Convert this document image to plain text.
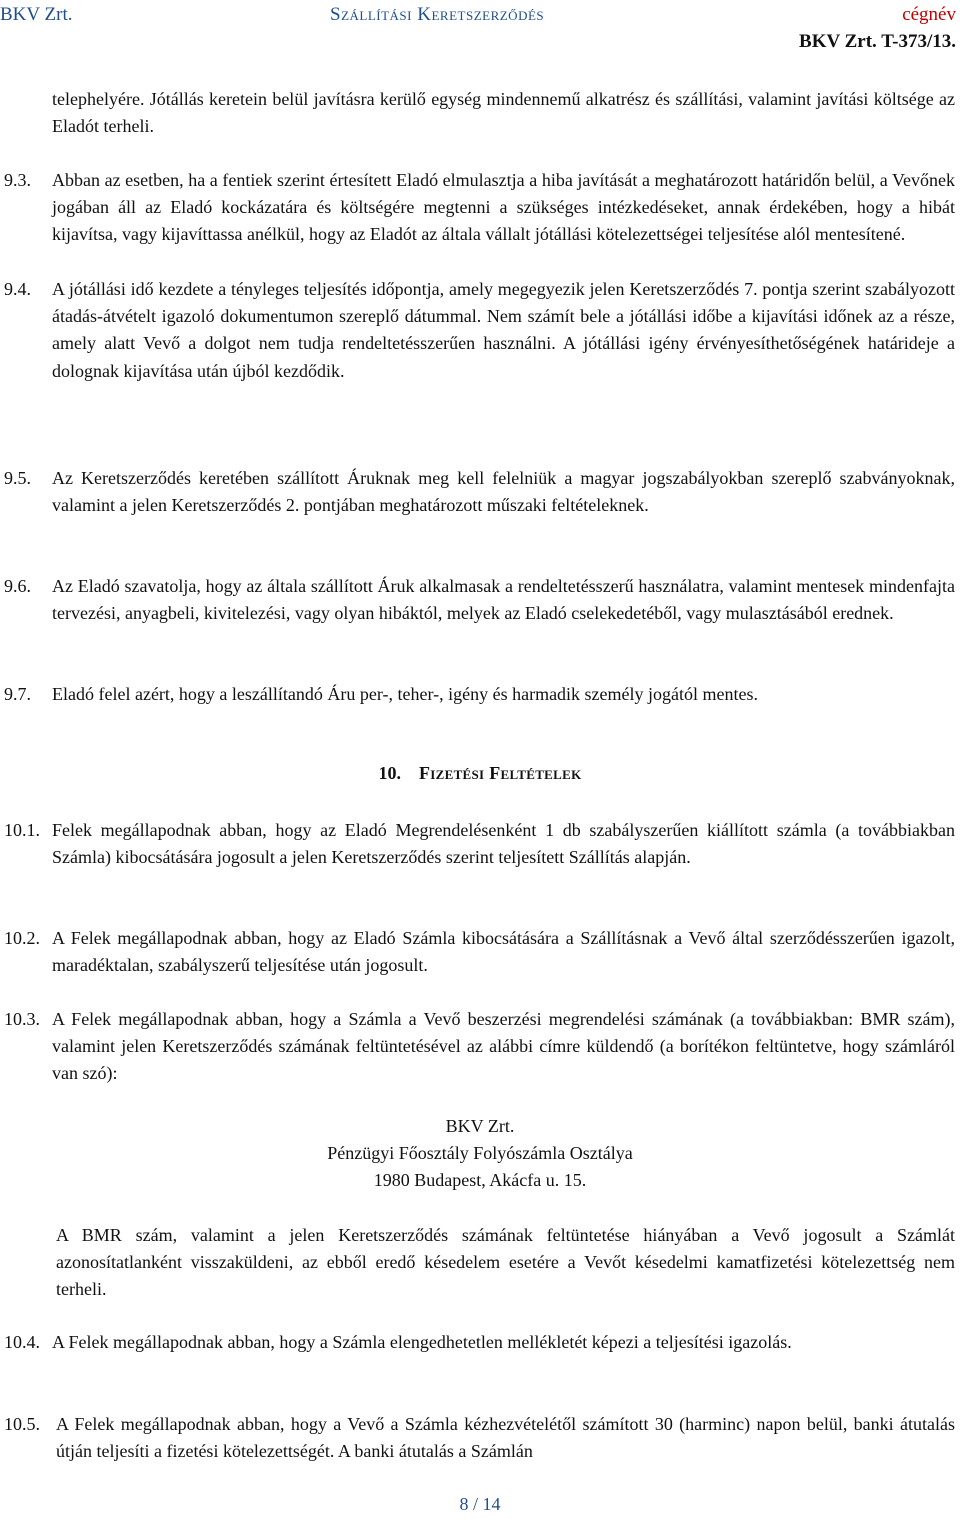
BKV Zrt.	Szállítási Keretszerződés	cégnév
BKV Zrt. T-373/13.

telephelyére. Jótállás keretein belül javításra kerülő egység mindennemű alkatrész és szállítási, valamint javítási költsége az Eladót terheli.

9.3. Abban az esetben, ha a fentiek szerint értesített Eladó elmulasztja a hiba javítását a meghatározott határidőn belül, a Vevőnek jogában áll az Eladó kockázatára és költségére megtenni a szükséges intézkedéseket, annak érdekében, hogy a hibát kijavítsa, vagy kijavíttassa anélkül, hogy az Eladót az általa vállalt jótállási kötelezettségei teljesítése alól mentesítené.

9.4. A jótállási idő kezdete a tényleges teljesítés időpontja, amely megegyezik jelen Keretszerződés 7. pontja szerint szabályozott átadás-átvételt igazoló dokumentumon szereplő dátummal. Nem számít bele a jótállási időbe a kijavítási időnek az a része, amely alatt Vevő a dolgot nem tudja rendeltetésszerűen használni. A jótállási igény érvényesíthetőségének határideje a dolognak kijavítása után újból kezdődik.

9.5. Az Keretszerződés keretében szállított Áruknak meg kell felelniük a magyar jogszabályokban szereplő szabványoknak, valamint a jelen Keretszerződés 2. pontjában meghatározott műszaki feltételeknek.

9.6. Az Eladó szavatolja, hogy az általa szállított Áruk alkalmasak a rendeltetésszerű használatra, valamint mentesek mindenfajta tervezési, anyagbeli, kivitelezési, vagy olyan hibáktól, melyek az Eladó cselekedetéből, vagy mulasztásából erednek.

9.7. Eladó felel azért, hogy a leszállítandó Áru per-, teher-, igény és harmadik személy jogától mentes.

10. Fizetési Feltételek

10.1. Felek megállapodnak abban, hogy az Eladó Megrendelésenként 1 db szabályszerűen kiállított számla (a továbbiakban Számla) kibocsátására jogosult a jelen Keretszerződés szerint teljesített Szállítás alapján.

10.2. A Felek megállapodnak abban, hogy az Eladó Számla kibocsátására a Szállításnak a Vevő által szerződésszerűen igazolt, maradéktalan, szabályszerű teljesítése után jogosult.

10.3. A Felek megállapodnak abban, hogy a Számla a Vevő beszerzési megrendelési számának (a továbbiakban: BMR szám), valamint jelen Keretszerződés számának feltüntetésével az alábbi címre küldendő (a borítékon feltüntetve, hogy számláról van szó):

BKV Zrt.
Pénzügyi Főosztály Folyószámla Osztálya
1980 Budapest, Akácfa u. 15.

A BMR szám, valamint a jelen Keretszerződés számának feltüntetése hiányában a Vevő jogosult a Számlát azonosítatlanként visszaküldeni, az ebből eredő késedelem esetére a Vevőt késedelmi kamatfizetési kötelezettség nem terheli.

10.4. A Felek megállapodnak abban, hogy a Számla elengedhetetlen mellékletét képezi a teljesítési igazolás.

10.5. A Felek megállapodnak abban, hogy a Vevő a Számla kézhezvételétől számított 30 (harminc) napon belül, banki átutalás útján teljesíti a fizetési kötelezettségét. A banki átutalás a Számlán

8 / 14
